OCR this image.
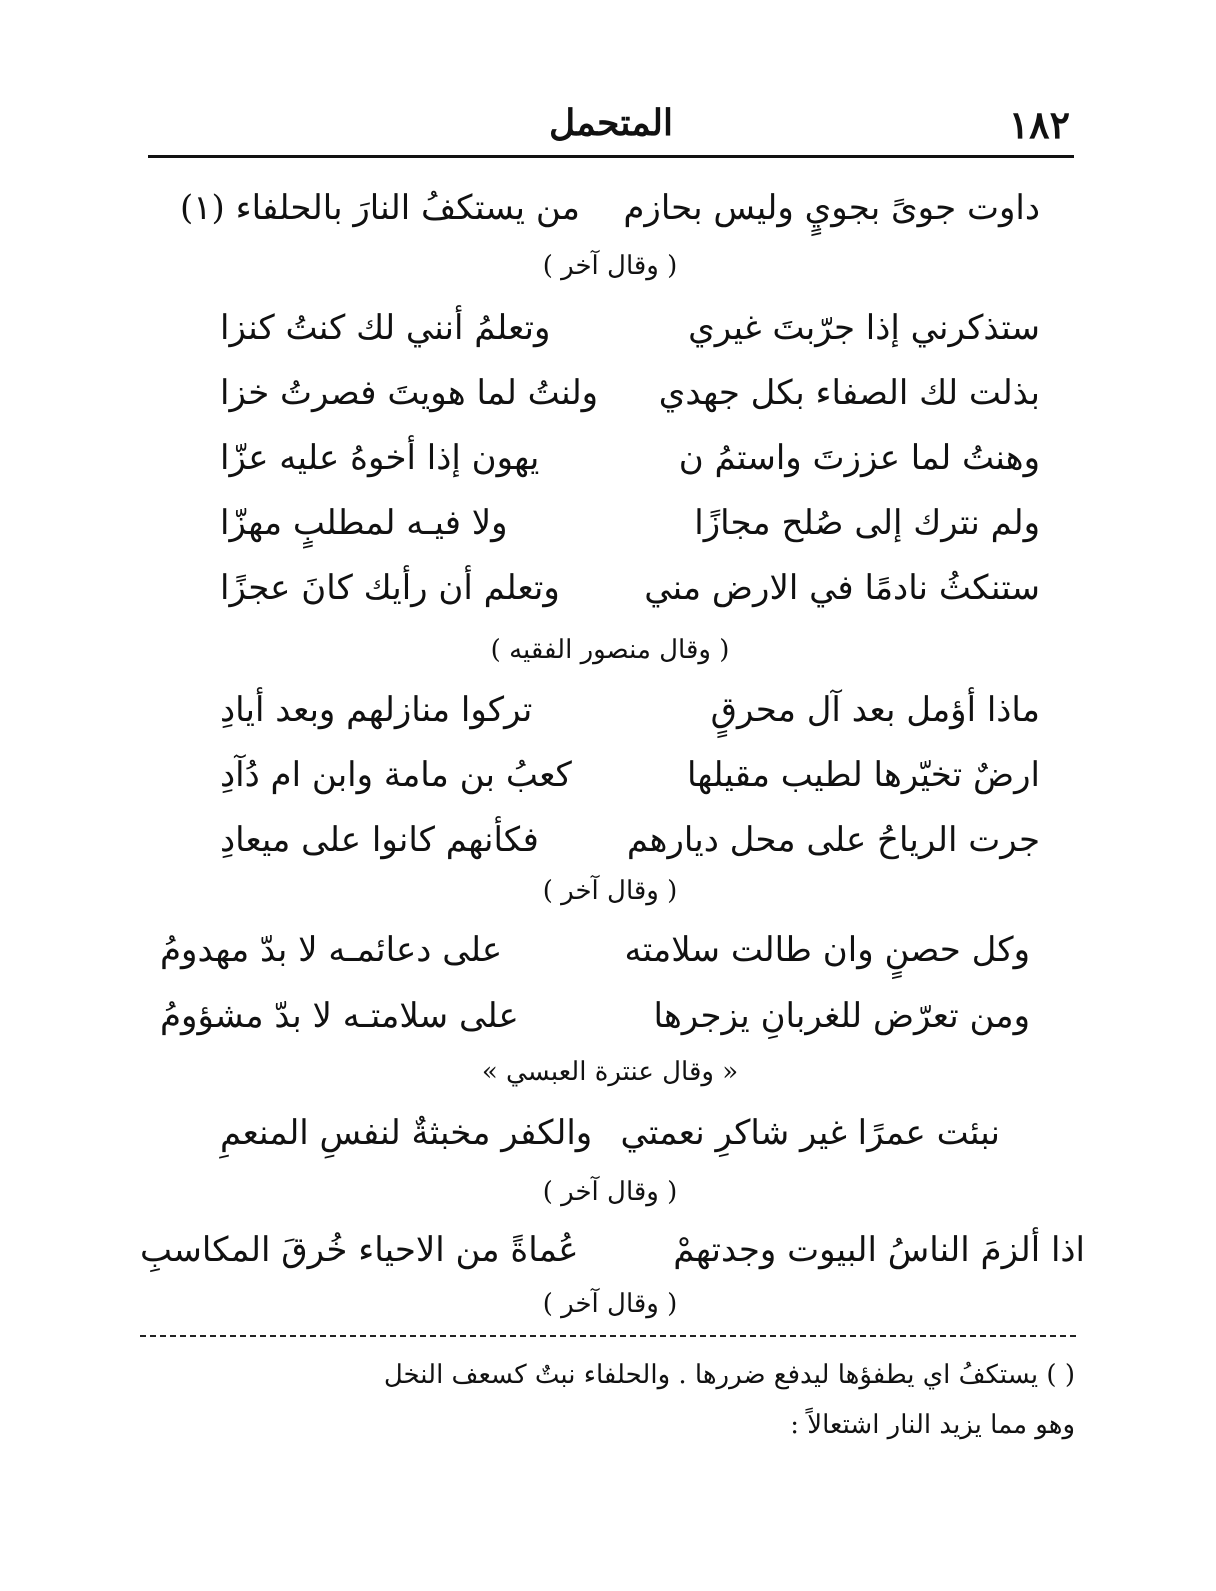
١٨٢
المتحمل
داوت جوىً بجويٍ وليس بحازم
من يستكفُ النارَ بالحلفاء (١)
( وقال آخر )
ستذكرني إذا جرّبتَ غيري
وتعلمُ أنني لك كنتُ كنزا
بذلت لك الصفاء بكل جهدي
ولنتُ لما هويتَ فصرتُ خزا
وهنتُ لما عززتَ واستمُ ن
يهون إذا أخوهُ عليه عزّا
ولم نترك إلى صُلح مجازًا
ولا فيـه لمطلبٍ مهزّا
ستنكثُ نادمًا في الارض مني
وتعلم أن رأيك كانَ عجزًا
( وقال منصور الفقيه )
ماذا أؤمل بعد آل محرقٍ
تركوا منازلهم وبعد أيادِ
ارضٌ تخيّرها لطيب مقيلها
كعبُ بن مامة وابن ام دُآدِ
جرت الرياحُ على محل ديارهم
فكأنهم كانوا على ميعادِ
( وقال آخر )
وكل حصنٍ وان طالت سلامته
على دعائمـه لا بدّ مهدومُ
ومن تعرّض للغربانِ يزجرها
على سلامتـه لا بدّ مشؤومُ
« وقال عنترة العبسي »
نبئت عمرًا غير شاكرِ نعمتي
والكفر مخبثةٌ لنفسِ المنعمِ
( وقال آخر )
اذا ألزمَ الناسُ البيوت وجدتهمْ
عُماةً من الاحياء خُرقَ المكاسبِ
( وقال آخر )
( ) يستكفُ اي يطفؤها ليدفع ضررها . والحلفاء نبتٌ كسعف النخل
وهو مما يزيد النار اشتعالاً :
